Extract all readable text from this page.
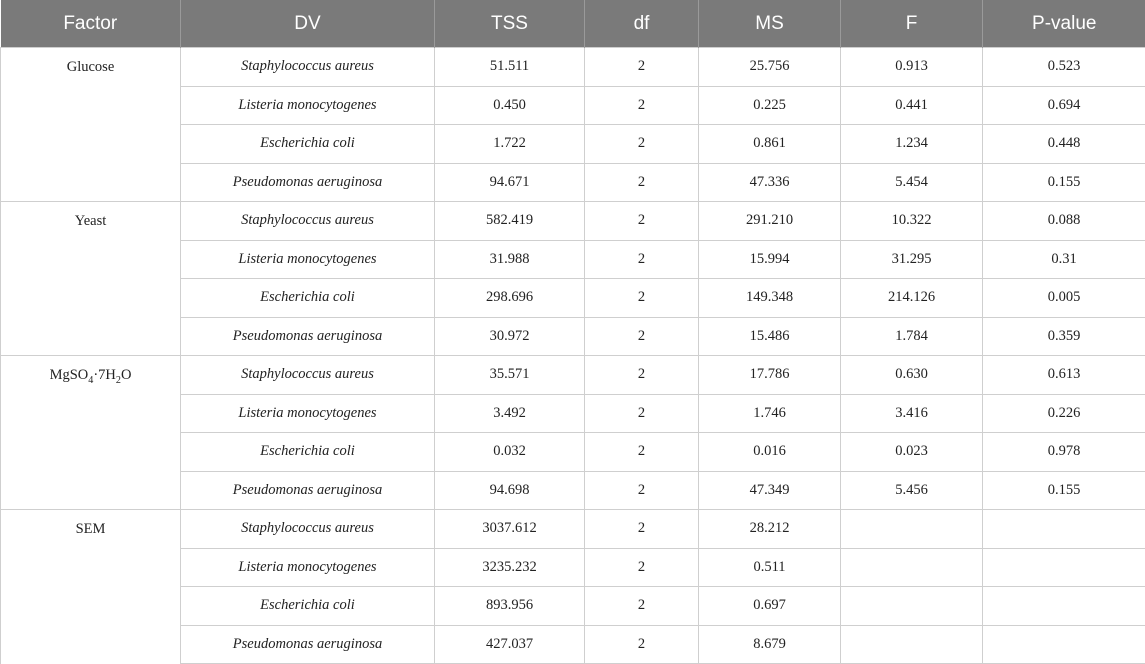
Factor	DV	TSS	df	MS	F	P-value
Glucose	Staphylococcus aureus	51.511	2	25.756	0.913	0.523
	Listeria monocytogenes	0.450	2	0.225	0.441	0.694
	Escherichia coli	1.722	2	0.861	1.234	0.448
	Pseudomonas aeruginosa	94.671	2	47.336	5.454	0.155
Yeast	Staphylococcus aureus	582.419	2	291.210	10.322	0.088
	Listeria monocytogenes	31.988	2	15.994	31.295	0.31
	Escherichia coli	298.696	2	149.348	214.126	0.005
	Pseudomonas aeruginosa	30.972	2	15.486	1.784	0.359
$MgSO_4\cdot 7H_2O$	Staphylococcus aureus	35.571	2	17.786	0.630	0.613
	Listeria monocytogenes	3.492	2	1.746	3.416	0.226
	Escherichia coli	0.032	2	0.016	0.023	0.978
	Pseudomonas aeruginosa	94.698	2	47.349	5.456	0.155
SEM	Staphylococcus aureus	3037.612	2	28.212		
	Listeria monocytogenes	3235.232	2	0.511		
	Escherichia coli	893.956	2	0.697		
	Pseudomonas aeruginosa	427.037	2	8.679		
